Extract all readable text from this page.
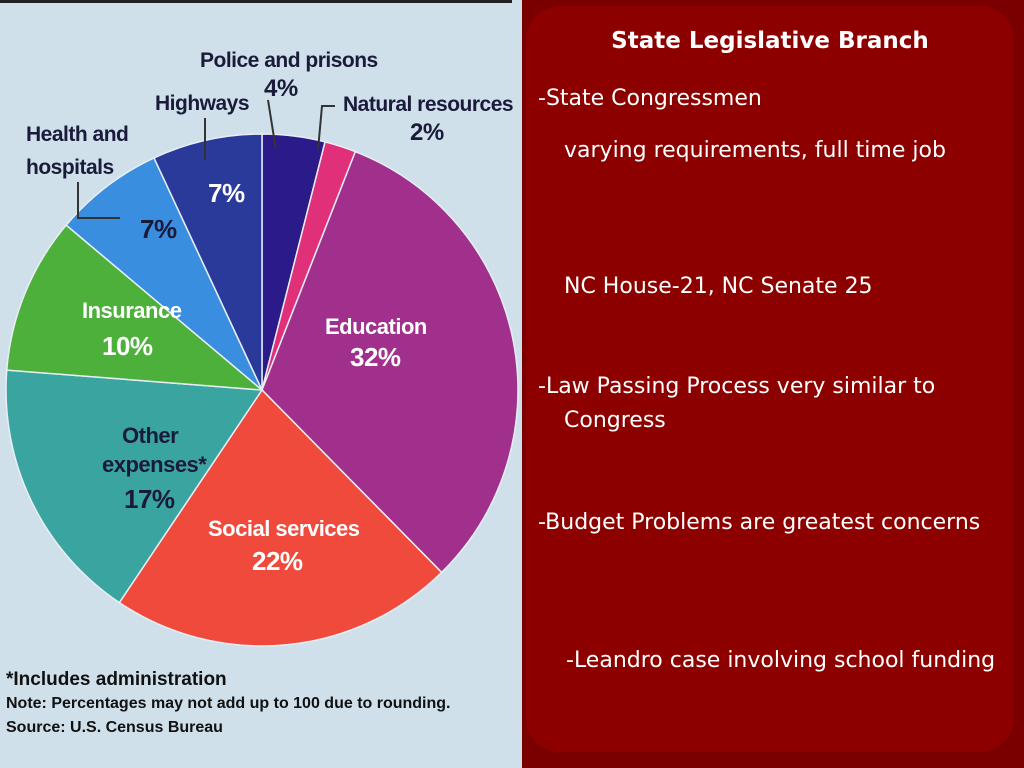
Police and prisons
4%
Natural resources
2%
Highways
Health and
hospitals
7%
7%
Insurance
10%
Education
32%
Other
expenses*
17%
Social services
22%
*Includes administration
Note: Percentages may not add up to 100 due to rounding.
Source: U.S. Census Bureau
State Legislative Branch
-State Congressmen
varying requirements, full time job
NC House-21, NC Senate 25
-Law Passing Process very similar to Congress
-Budget Problems are greatest concerns
-Leandro case involving school funding
